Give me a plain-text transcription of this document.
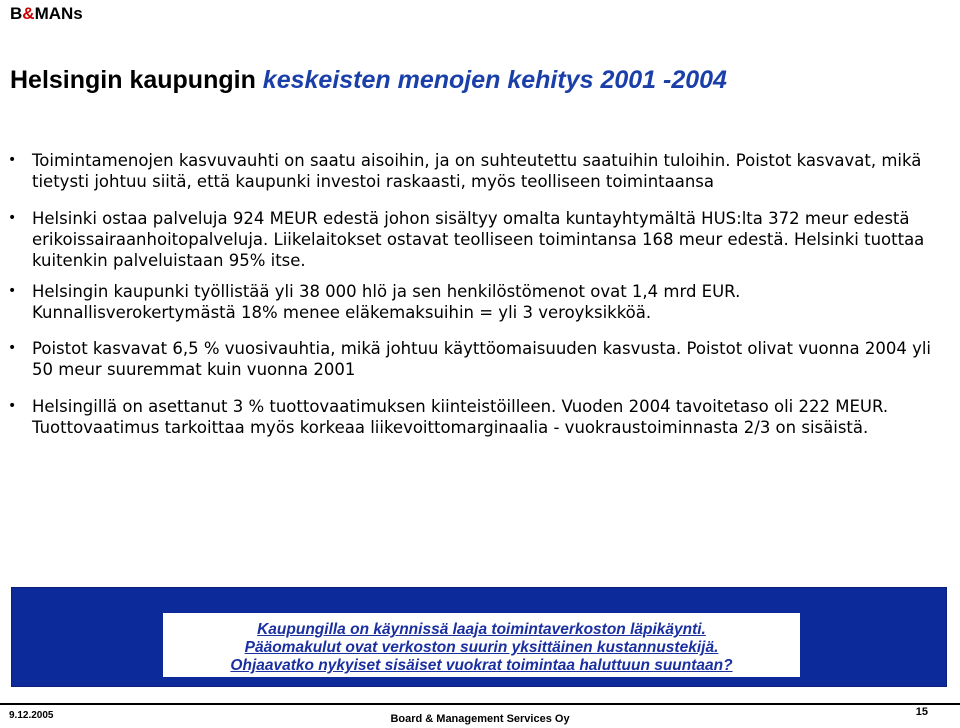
B&MANs
Helsingin kaupungin keskeisten menojen kehitys 2001 -2004
• Toimintamenojen kasvuvauhti on saatu aisoihin, ja on suhteutettu saatuihin tuloihin. Poistot kasvavat, mikä tietysti johtuu siitä, että kaupunki investoi raskaasti, myös teolliseen toimintaansa
• Helsinki ostaa palveluja 924 MEUR edestä johon sisältyy omalta kuntayhtymältä HUS:lta 372 meur edestä erikoissairaanhoitopalveluja. Liikelaitokset ostavat teolliseen toimintansa 168 meur edestä. Helsinki tuottaa kuitenkin palveluistaan 95% itse.
• Helsingin kaupunki työllistää yli 38 000 hlö ja sen henkilöstömenot ovat 1,4 mrd EUR. Kunnallisverokertymästä 18% menee eläkemaksuihin = yli 3 veroyksikköä.
• Poistot kasvavat 6,5 % vuosivauhtia, mikä johtuu käyttöomaisuuden kasvusta. Poistot olivat vuonna 2004 yli 50 meur suuremmat kuin vuonna 2001
• Helsingillä on asettanut 3 % tuottovaatimuksen kiinteistöilleen. Vuoden 2004 tavoitetaso oli 222 MEUR. Tuottovaatimus tarkoittaa myös korkeaa liikevoittomarginaalia - vuokraustoiminnasta 2/3 on sisäistä.
Kaupungilla on käynnissä laaja toimintaverkoston läpikäynti.
Pääomakulut ovat verkoston suurin yksittäinen kustannustekijä.
Ohjaavatko nykyiset sisäiset vuokrat toimintaa haluttuun suuntaan?
9.12.2005	Board & Management Services Oy
15
